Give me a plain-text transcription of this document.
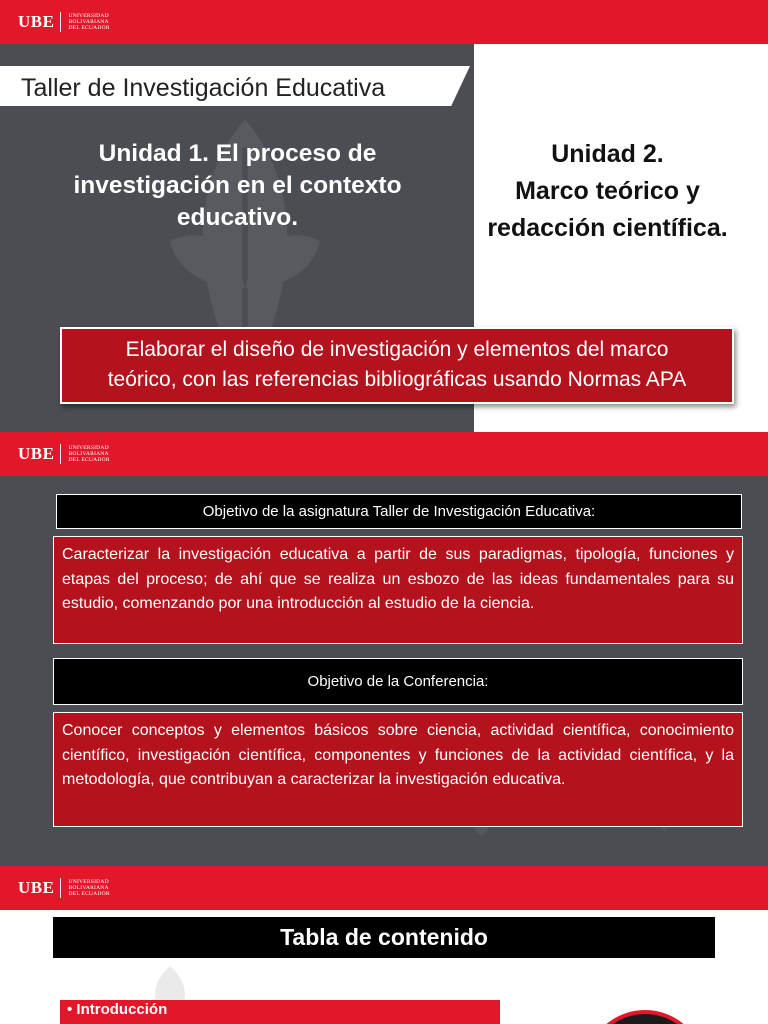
UBE	UNIVERSIDAD
BOLIVARIANA
DEL ECUADOR
Taller de Investigación Educativa
Unidad 1. El proceso de
investigación en el contexto
educativo.
Unidad 2.
Marco teórico y
redacción científica.
Elaborar el diseño de investigación y elementos del marco
teórico, con las referencias bibliográficas usando Normas APA
UBE	UNIVERSIDAD
BOLIVARIANA
DEL ECUADOR
Objetivo de la asignatura Taller de Investigación Educativa:
Caracterizar la investigación educativa a partir de sus paradigmas, tipología, funciones y etapas del proceso; de ahí que se realiza un esbozo de las ideas fundamentales para su estudio, comenzando por una introducción al estudio de la ciencia.
Objetivo de la Conferencia:
Conocer conceptos y elementos básicos sobre ciencia, actividad científica, conocimiento científico, investigación científica, componentes y funciones de la actividad científica, y la metodología, que contribuyan a caracterizar la investigación educativa.
UBE	UNIVERSIDAD
BOLIVARIANA
DEL ECUADOR
Tabla de contenido
• Introducción
